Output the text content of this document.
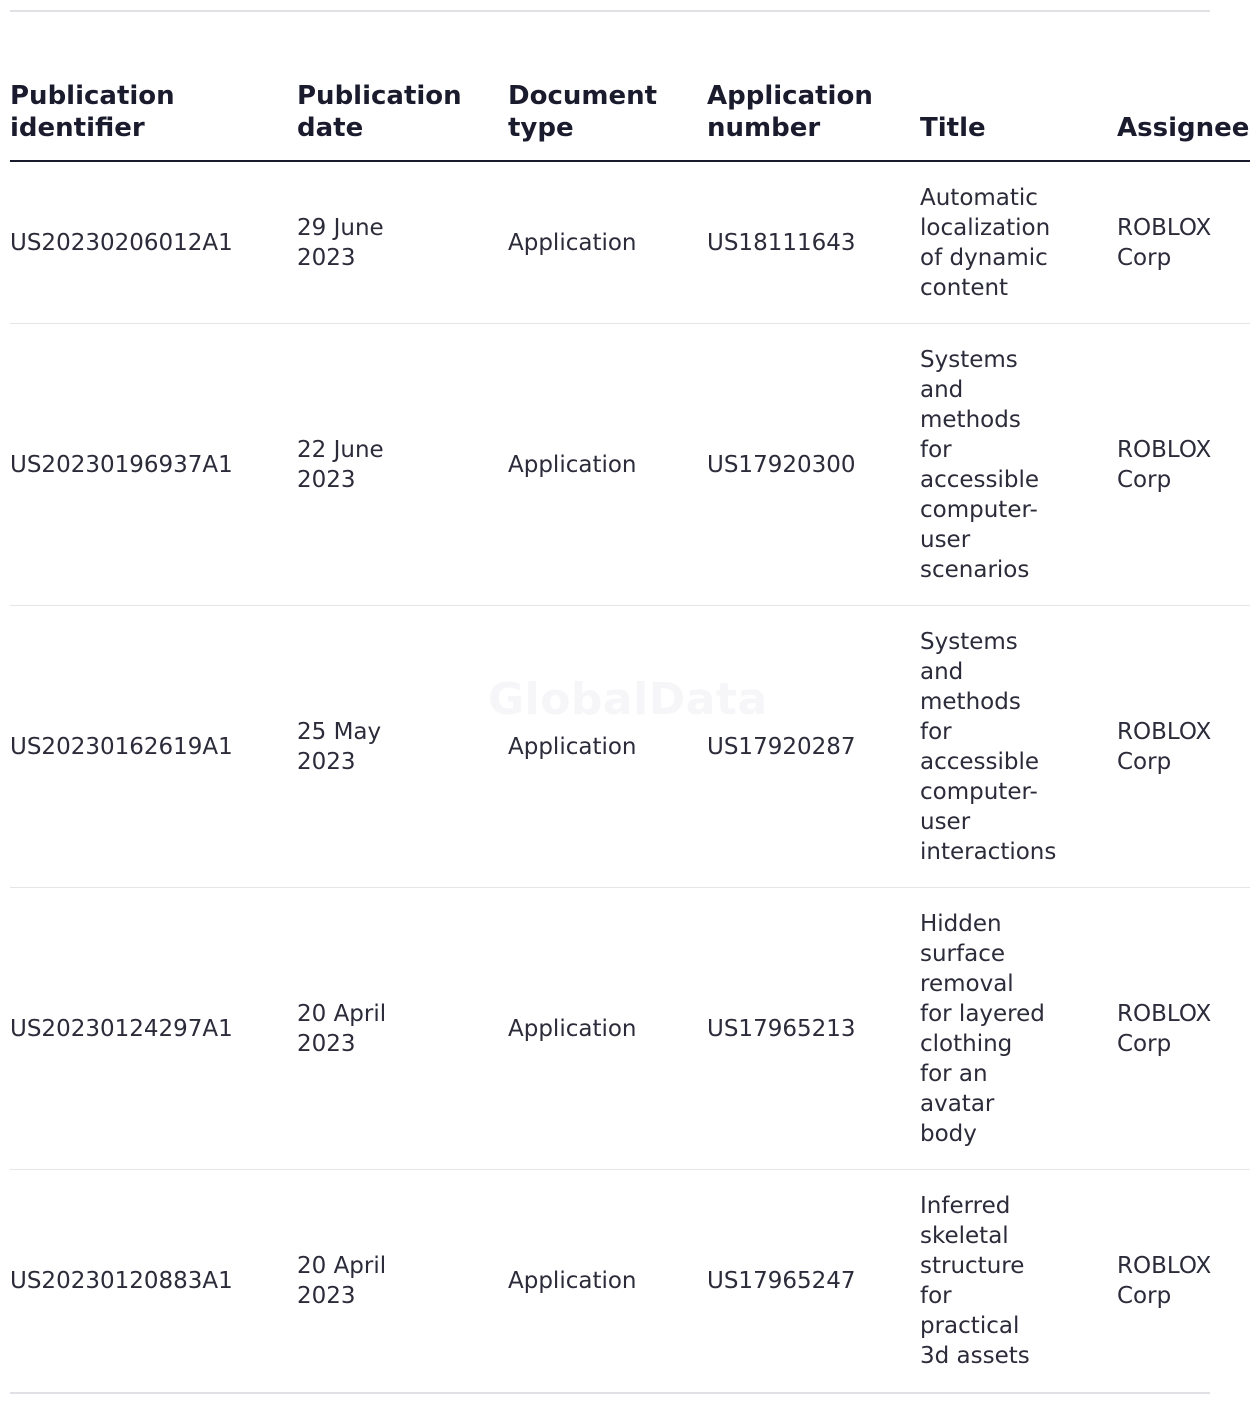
GlobalData
Publication identifier	Publication date	Document type	Application number	Title	Assignee
US20230206012A1	29 June 2023	Application	US18111643	Automatic localization of dynamic content	ROBLOX Corp

US20230196937A1	22 June 2023	Application	US17920300	Systems and methods for accessible computer-user scenarios	ROBLOX Corp

US20230162619A1	25 May 2023	Application	US17920287	Systems and methods for accessible computer-user interactions	ROBLOX Corp

US20230124297A1	20 April 2023	Application	US17965213	Hidden surface removal for layered clothing for an avatar body	ROBLOX Corp

US20230120883A1	20 April 2023	Application	US17965247	Inferred skeletal structure for practical 3d assets	ROBLOX Corp
